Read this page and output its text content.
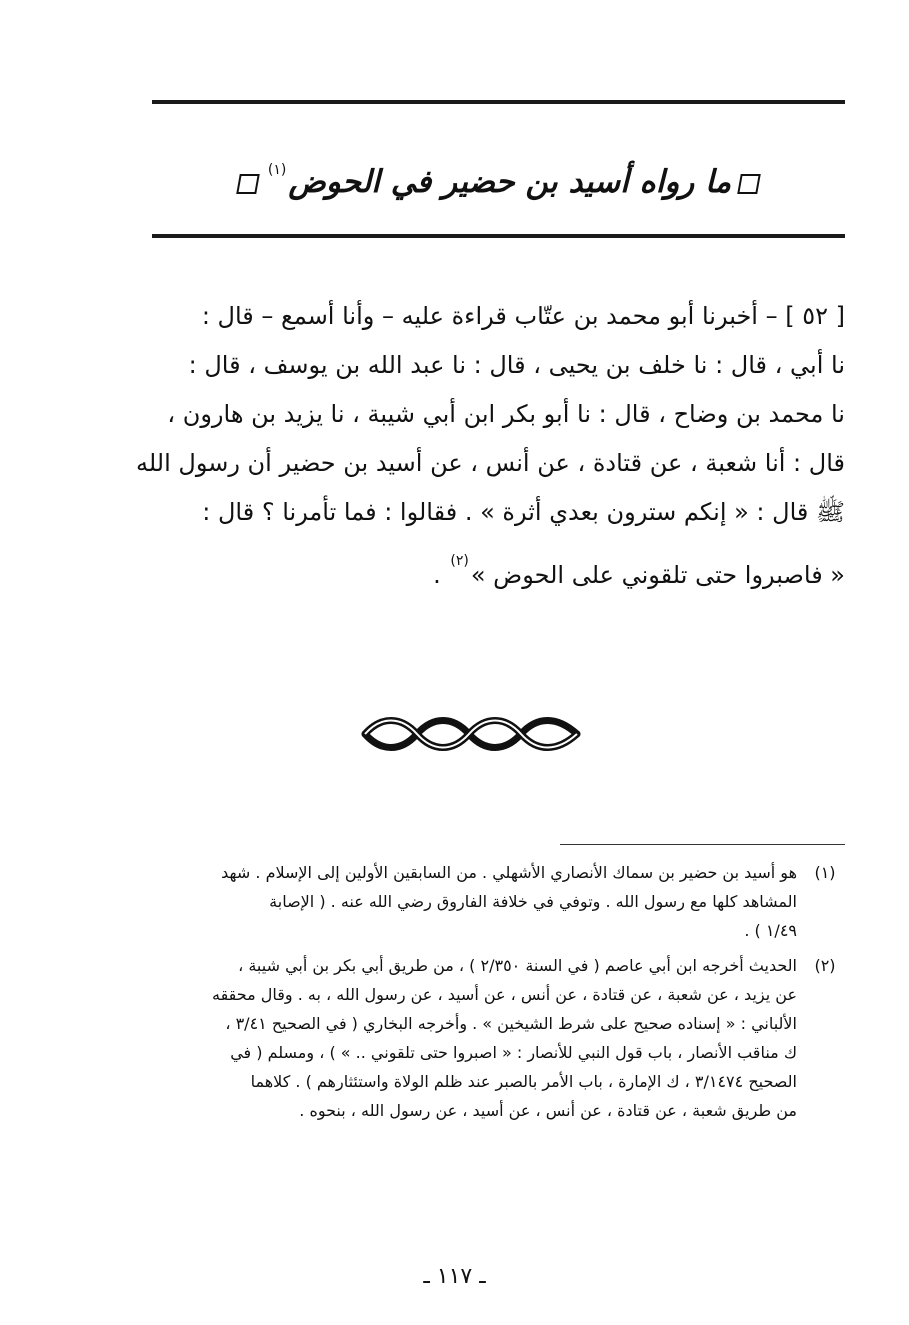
ما رواه أسيد بن حضير في الحوض$^{(١)}$
[ ٥٢ ] – أخبرنا أبو محمد بن عتّاب قراءة عليه – وأنا أسمع – قال :
نا أبي ، قال : نا خلف بن يحيى ، قال : نا عبد الله بن يوسف ، قال :
نا محمد بن وضاح ، قال : نا أبو بكر ابن أبي شيبة ، نا يزيد بن هارون ،
قال : أنا شعبة ، عن قتادة ، عن أنس ، عن أسيد بن حضير أن رسول الله
ﷺ قال : « إنكم سترون بعدي أثرة » . فقالوا : فما تأمرنا ؟ قال :
« فاصبروا حتى تلقوني على الحوض »$^{(٢)}$ .
(١)
هو أسيد بن حضير بن سماك الأنصاري الأشهلي . من السابقين الأولين إلى الإسلام . شهد
المشاهد كلها مع رسول الله . وتوفي في خلافة الفاروق رضي الله عنه . ( الإصابة
١/٤٩ ) .
(٢)
الحديث أخرجه ابن أبي عاصم ( في السنة ٢/٣٥٠ ) ، من طريق أبي بكر بن أبي شيبة ،
عن يزيد ، عن شعبة ، عن قتادة ، عن أنس ، عن أسيد ، عن رسول الله ، به . وقال محققه
الألباني : « إسناده صحيح على شرط الشيخين » . وأخرجه البخاري ( في الصحيح ٣/٤١ ،
ك مناقب الأنصار ، باب قول النبي للأنصار : « اصبروا حتى تلقوني .. » ) ، ومسلم ( في
الصحيح ٣/١٤٧٤ ، ك الإمارة ، باب الأمر بالصبر عند ظلم الولاة واستئثارهم ) . كلاهما
من طريق شعبة ، عن قتادة ، عن أنس ، عن أسيد ، عن رسول الله ، بنحوه .
ـ ١١٧ ـ
